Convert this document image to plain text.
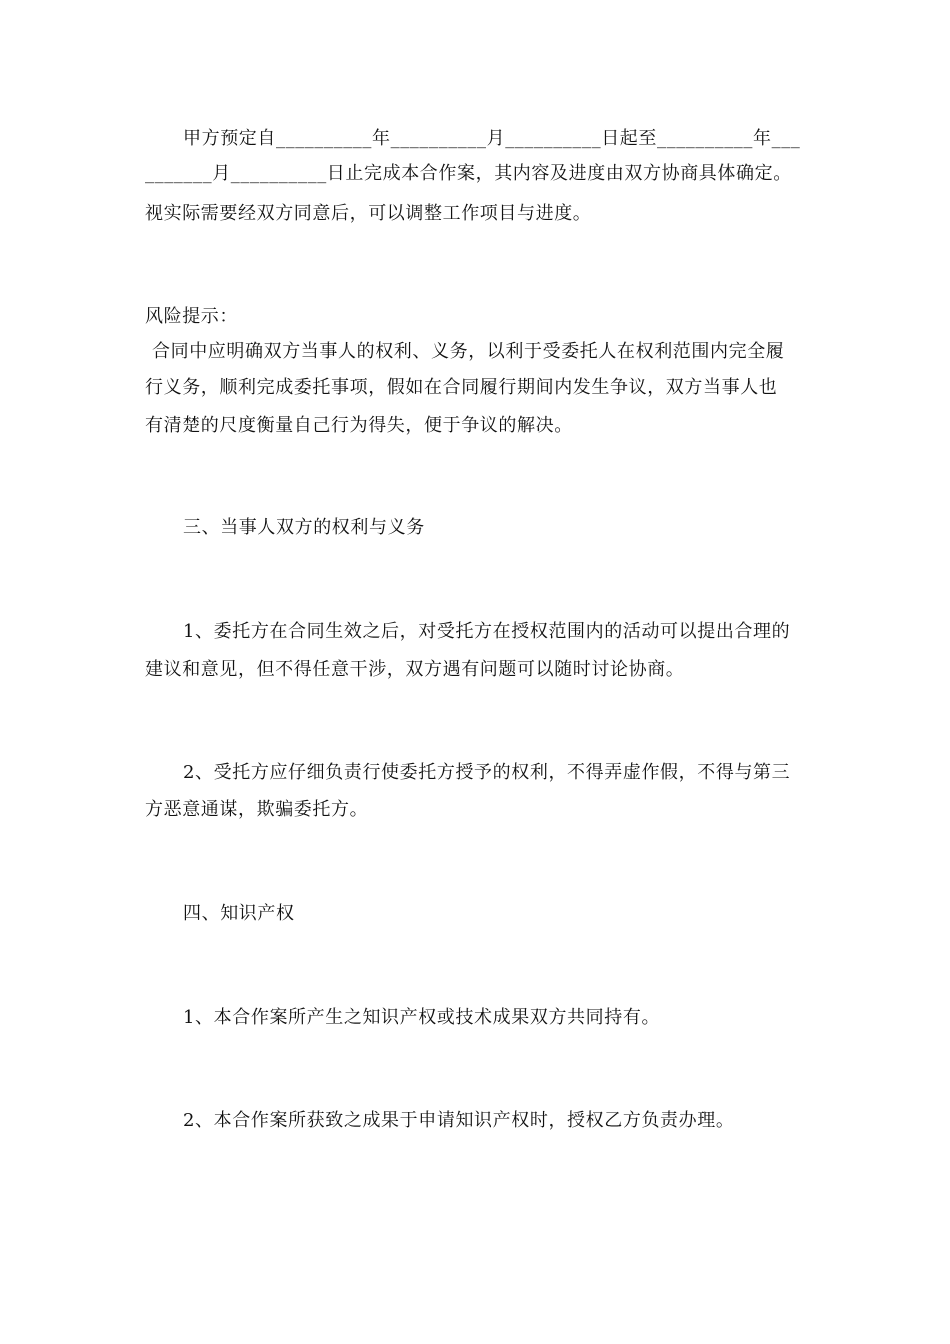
甲方预定自__________年__________月__________日起至__________年___
_______月__________日止完成本合作案，其内容及进度由双方协商具体确定。
视实际需要经双方同意后，可以调整工作项目与进度。
风险提示：
合同中应明确双方当事人的权利、义务，以利于受委托人在权利范围内完全履
行义务，顺利完成委托事项，假如在合同履行期间内发生争议，双方当事人也
有清楚的尺度衡量自己行为得失，便于争议的解决。
三、当事人双方的权利与义务
1、委托方在合同生效之后，对受托方在授权范围内的活动可以提出合理的
建议和意见，但不得任意干涉，双方遇有问题可以随时讨论协商。
2、受托方应仔细负责行使委托方授予的权利，不得弄虚作假，不得与第三
方恶意通谋，欺骗委托方。
四、知识产权
1、本合作案所产生之知识产权或技术成果双方共同持有。
2、本合作案所获致之成果于申请知识产权时，授权乙方负责办理。
